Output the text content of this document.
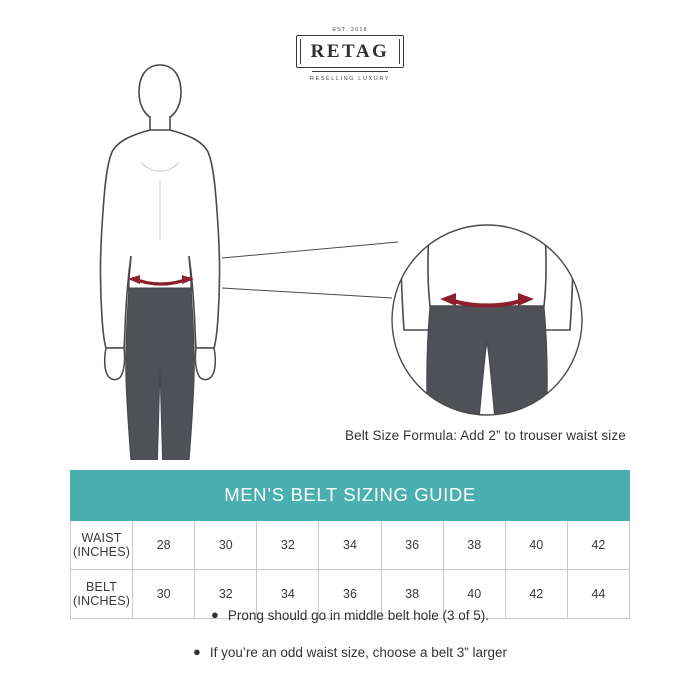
EST. 2018
RETAG
RESELLING LUXURY
Belt Size Formula: Add 2” to trouser waist size
MEN’S BELT SIZING GUIDE								
WAIST (INCHES)	28	30	32	34	36	38	40	42
BELT (INCHES)	30	32	34	36	38	40	42	44
● Prong should go in middle belt hole (3 of 5).
● If you’re an odd waist size, choose a belt 3” larger
